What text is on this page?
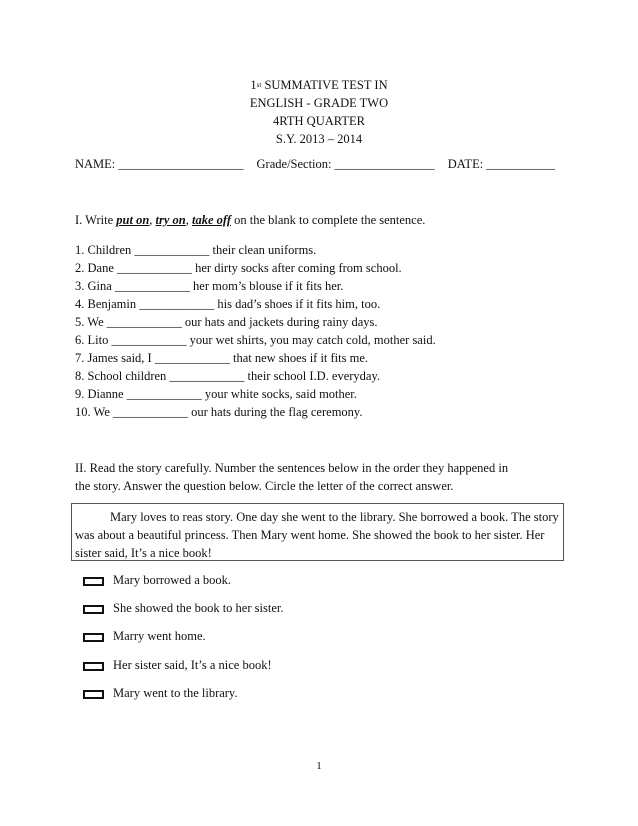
1st SUMMATIVE TEST IN
ENGLISH - GRADE TWO
4RTH QUARTER
S.Y. 2013 – 2014
NAME: ____________________ Grade/Section: ________________ DATE: ___________
I. Write put on, try on, take off on the blank to complete the sentence.
1. Children ____________ their clean uniforms.
2. Dane ____________ her dirty socks after coming from school.
3. Gina ____________ her mom’s blouse if it fits her.
4. Benjamin ____________ his dad’s shoes if it fits him, too.
5. We ____________ our hats and jackets during rainy days.
6. Lito ____________ your wet shirts, you may catch cold, mother said.
7. James said, I ____________ that new shoes if it fits me.
8. School children ____________ their school I.D. everyday.
9. Dianne ____________ your white socks, said mother.
10. We ____________ our hats during the flag ceremony.
II. Read the story carefully. Number the sentences below in the order they happened in
the story. Answer the question below. Circle the letter of the correct answer.

Mary loves to reas story. One day she went to the library. She borrowed a book. The story was about a beautiful princess. Then Mary went home. She showed the book to her sister. Her sister said, It’s a nice book!

Mary borrowed a book.
She showed the book to her sister.
Marry went home.
Her sister said, It’s a nice book!
Mary went to the library.
1
